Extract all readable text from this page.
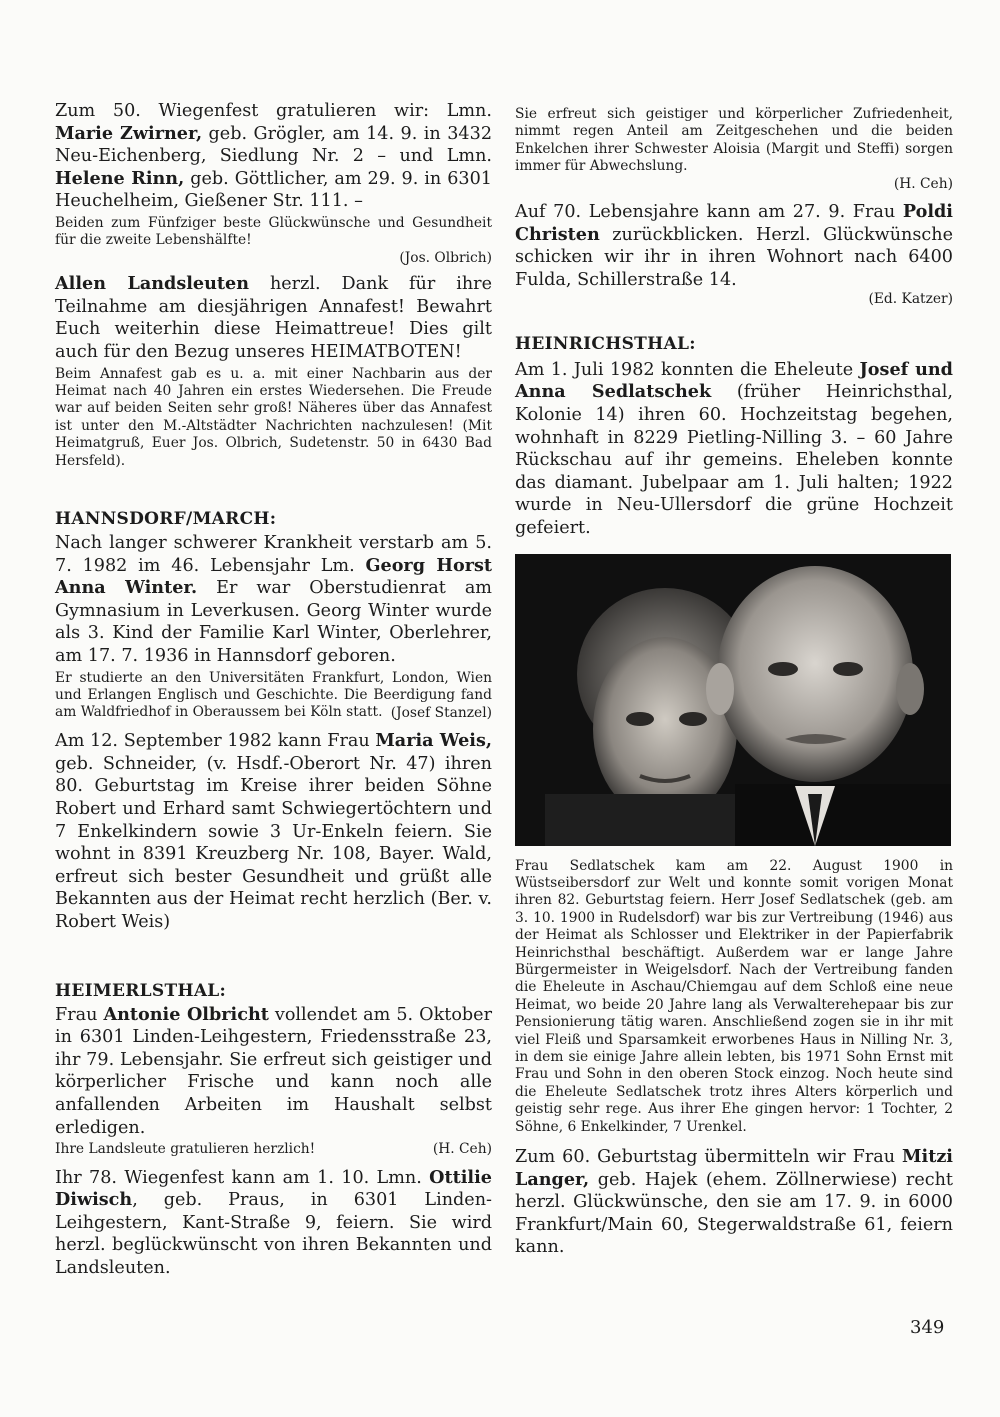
Zum 50. Wiegenfest gratulieren wir: Lmn. Marie Zwirner, geb. Grögler, am 14. 9. in 3432 Neu-Eichenberg, Siedlung Nr. 2 – und Lmn. Helene Rinn, geb. Göttlicher, am 29. 9. in 6301 Heuchelheim, Gießener Str. 111. –

Beiden zum Fünfziger beste Glückwünsche und Gesundheit für die zweite Lebenshälfte!

(Jos. Olbrich)

Allen Landsleuten herzl. Dank für ihre Teilnahme am diesjährigen Annafest! Bewahrt Euch weiterhin diese Heimattreue! Dies gilt auch für den Bezug unseres HEIMATBOTEN!

Beim Annafest gab es u. a. mit einer Nachbarin aus der Heimat nach 40 Jahren ein erstes Wiedersehen. Die Freude war auf beiden Seiten sehr groß! Näheres über das Annafest ist unter den M.-Altstädter Nachrichten nachzulesen! (Mit Heimatgruß, Euer Jos. Olbrich, Sudetenstr. 50 in 6430 Bad Hersfeld).

HANNSDORF/MARCH:

Nach langer schwerer Krankheit verstarb am 5. 7. 1982 im 46. Lebensjahr Lm. Georg Horst Anna Winter. Er war Oberstudienrat am Gymnasium in Leverkusen. Georg Winter wurde als 3. Kind der Familie Karl Winter, Oberlehrer, am 17. 7. 1936 in Hannsdorf geboren.

Er studierte an den Universitäten Frankfurt, London, Wien und Erlangen Englisch und Geschichte. Die Beerdigung fand am Waldfriedhof in Oberaussem bei Köln statt. (Josef Stanzel)

Am 12. September 1982 kann Frau Maria Weis, geb. Schneider, (v. Hsdf.-Oberort Nr. 47) ihren 80. Geburtstag im Kreise ihrer beiden Söhne Robert und Erhard samt Schwiegertöchtern und 7 Enkelkindern sowie 3 Ur-Enkeln feiern. Sie wohnt in 8391 Kreuzberg Nr. 108, Bayer. Wald, erfreut sich bester Gesundheit und grüßt alle Bekannten aus der Heimat recht herzlich (Ber. v. Robert Weis)

HEIMERLSTHAL:

Frau Antonie Olbricht vollendet am 5. Oktober in 6301 Linden-Leihgestern, Friedensstraße 23, ihr 79. Lebensjahr. Sie erfreut sich geistiger und körperlicher Frische und kann noch alle anfallenden Arbeiten im Haushalt selbst erledigen.

Ihre Landsleute gratulieren herzlich!	(H. Ceh)

Ihr 78. Wiegenfest kann am 1. 10. Lmn. Ottilie Diwisch, geb. Praus, in 6301 Linden-Leihgestern, Kant-Straße 9, feiern. Sie wird herzl. beglückwünscht von ihren Bekannten und Landsleuten.

Sie erfreut sich geistiger und körperlicher Zufriedenheit, nimmt regen Anteil am Zeitgeschehen und die beiden Enkelchen ihrer Schwester Aloisia (Margit und Steffi) sorgen immer für Abwechslung.

(H. Ceh)

Auf 70. Lebensjahre kann am 27. 9. Frau Poldi Christen zurückblicken. Herzl. Glückwünsche schicken wir ihr in ihren Wohnort nach 6400 Fulda, Schillerstraße 14.

(Ed. Katzer)

HEINRICHSTHAL:

Am 1. Juli 1982 konnten die Eheleute Josef und Anna Sedlatschek (früher Heinrichsthal, Kolonie 14) ihren 60. Hochzeitstag begehen, wohnhaft in 8229 Pietling-Nilling 3. – 60 Jahre Rückschau auf ihr gemeins. Eheleben konnte das diamant. Jubelpaar am 1. Juli halten; 1922 wurde in Neu-Ullersdorf die grüne Hochzeit gefeiert.

Frau Sedlatschek kam am 22. August 1900 in Wüstseibersdorf zur Welt und konnte somit vorigen Monat ihren 82. Geburtstag feiern. Herr Josef Sedlatschek (geb. am 3. 10. 1900 in Rudelsdorf) war bis zur Vertreibung (1946) aus der Heimat als Schlosser und Elektriker in der Papierfabrik Heinrichsthal beschäftigt. Außerdem war er lange Jahre Bürgermeister in Weigelsdorf. Nach der Vertreibung fanden die Eheleute in Aschau/Chiemgau auf dem Schloß eine neue Heimat, wo beide 20 Jahre lang als Verwalterehepaar bis zur Pensionierung tätig waren. Anschließend zogen sie in ihr mit viel Fleiß und Sparsamkeit erworbenes Haus in Nilling Nr. 3, in dem sie einige Jahre allein lebten, bis 1971 Sohn Ernst mit Frau und Sohn in den oberen Stock einzog. Noch heute sind die Eheleute Sedlatschek trotz ihres Alters körperlich und geistig sehr rege. Aus ihrer Ehe gingen hervor: 1 Tochter, 2 Söhne, 6 Enkelkinder, 7 Urenkel.

Zum 60. Geburtstag übermitteln wir Frau Mitzi Langer, geb. Hajek (ehem. Zöllnerwiese) recht herzl. Glückwünsche, den sie am 17. 9. in 6000 Frankfurt/Main 60, Stegerwaldstraße 61, feiern kann.

349
